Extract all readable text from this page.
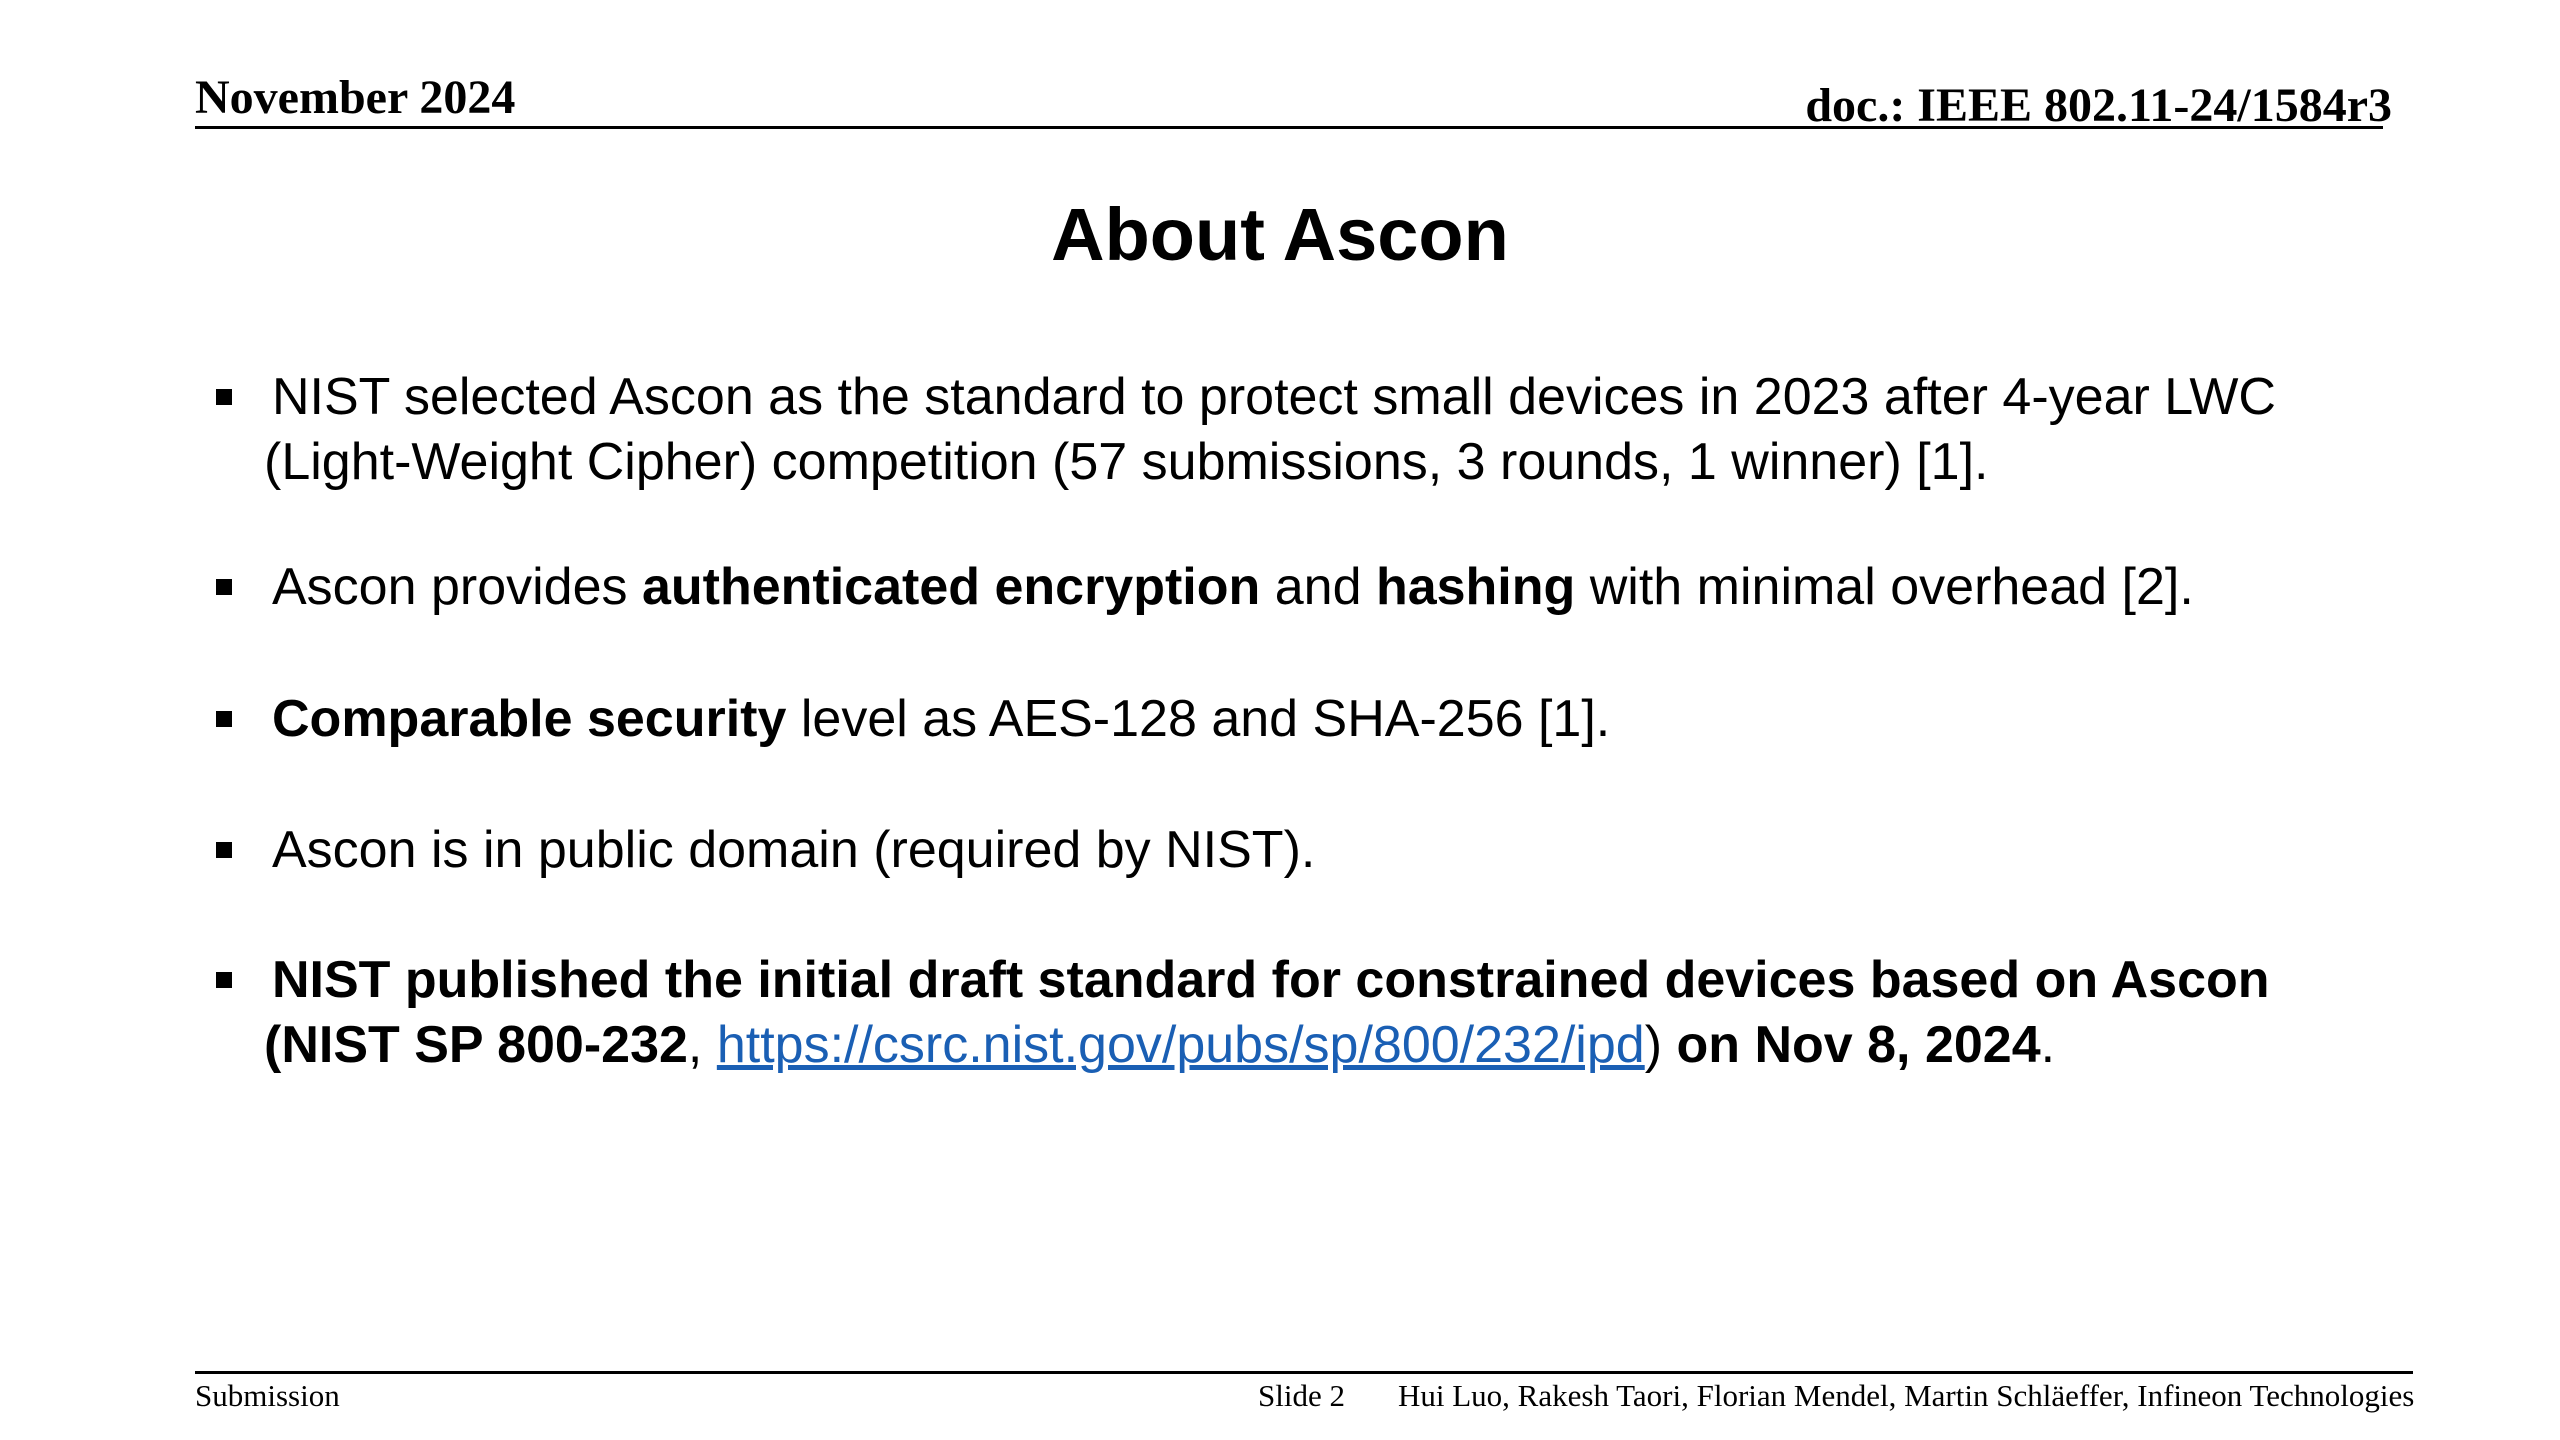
November 2024	doc.: IEEE 802.11-24/1584r3
About Ascon
NIST selected Ascon as the standard to protect small devices in 2023 after 4-year LWC
(Light-Weight Cipher) competition (57 submissions, 3 rounds, 1 winner) [1].
Ascon provides authenticated encryption and hashing with minimal overhead [2].
Comparable security level as AES-128 and SHA-256 [1].
Ascon is in public domain (required by NIST).
NIST published the initial draft standard for constrained devices based on Ascon
(NIST SP 800-232, https://csrc.nist.gov/pubs/sp/800/232/ipd) on Nov 8, 2024.
Submission	Slide 2 Hui Luo, Rakesh Taori, Florian Mendel, Martin Schläeffer, Infineon Technologies
